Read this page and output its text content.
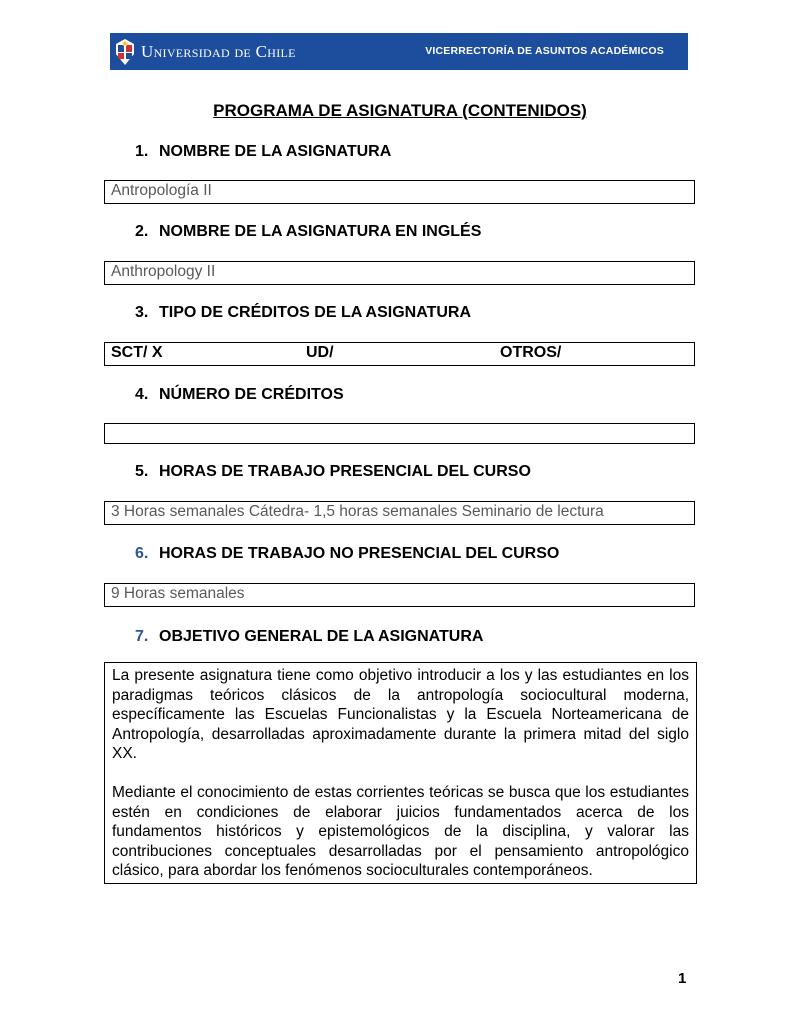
Universidad de Chile	VICERRECTORÍA DE ASUNTOS ACADÉMICOS
PROGRAMA DE ASIGNATURA (CONTENIDOS)
1. NOMBRE DE LA ASIGNATURA
Antropología II
2. NOMBRE DE LA ASIGNATURA EN INGLÉS
Anthropology II
3. TIPO DE CRÉDITOS DE LA ASIGNATURA
SCT/ X	UD/	OTROS/
4. NÚMERO DE CRÉDITOS
5. HORAS DE TRABAJO PRESENCIAL DEL CURSO
3 Horas semanales Cátedra- 1,5 horas semanales Seminario de lectura
6. HORAS DE TRABAJO NO PRESENCIAL DEL CURSO
9 Horas semanales
7. OBJETIVO GENERAL DE LA ASIGNATURA

La presente asignatura tiene como objetivo introducir a los y las estudiantes en los paradigmas teóricos clásicos de la antropología sociocultural moderna, específicamente las Escuelas Funcionalistas y la Escuela Norteamericana de Antropología, desarrolladas aproximadamente durante la primera mitad del siglo XX.

Mediante el conocimiento de estas corrientes teóricas se busca que los estudiantes estén en condiciones de elaborar juicios fundamentados acerca de los fundamentos históricos y epistemológicos de la disciplina, y valorar las contribuciones conceptuales desarrolladas por el pensamiento antropológico clásico, para abordar los fenómenos socioculturales contemporáneos.

1
